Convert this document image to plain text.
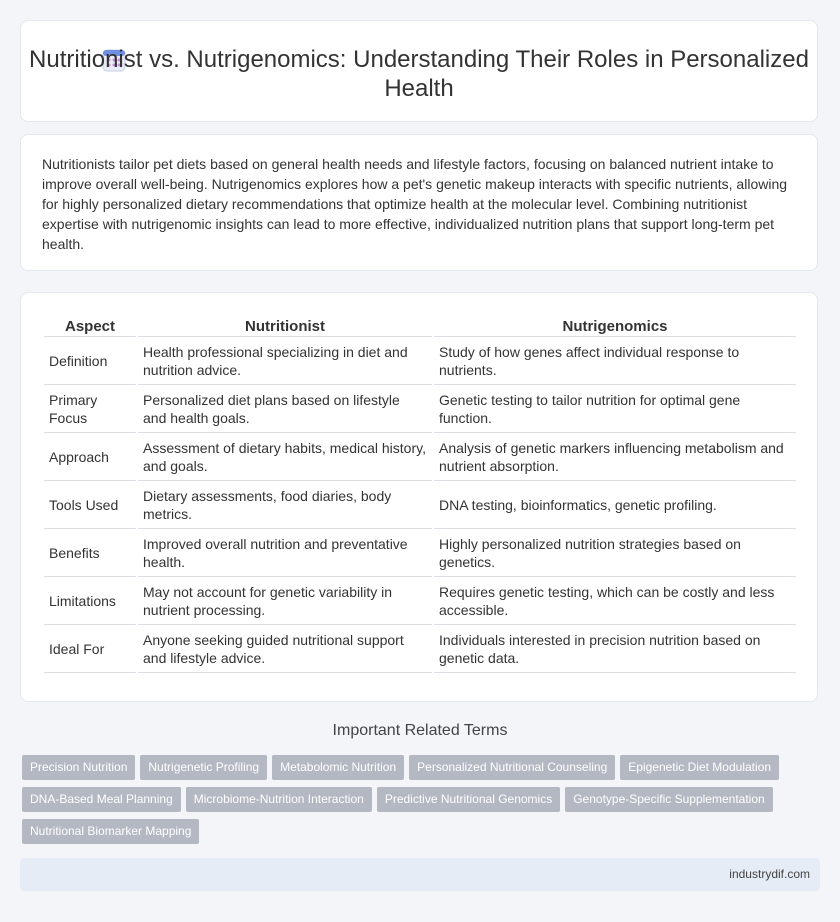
Nutritionist vs. Nutrigenomics: Understanding Their Roles in Personalized Health
Nutritionists tailor pet diets based on general health needs and lifestyle factors, focusing on balanced nutrient intake to improve overall well-being. Nutrigenomics explores how a pet's genetic makeup interacts with specific nutrients, allowing for highly personalized dietary recommendations that optimize health at the molecular level. Combining nutritionist expertise with nutrigenomic insights can lead to more effective, individualized nutrition plans that support long-term pet health.
Aspect	Nutritionist	Nutrigenomics
Definition	Health professional specializing in diet and nutrition advice.	Study of how genes affect individual response to nutrients.
Primary Focus	Personalized diet plans based on lifestyle and health goals.	Genetic testing to tailor nutrition for optimal gene function.
Approach	Assessment of dietary habits, medical history, and goals.	Analysis of genetic markers influencing metabolism and nutrient absorption.
Tools Used	Dietary assessments, food diaries, body metrics.	DNA testing, bioinformatics, genetic profiling.
Benefits	Improved overall nutrition and preventative health.	Highly personalized nutrition strategies based on genetics.
Limitations	May not account for genetic variability in nutrient processing.	Requires genetic testing, which can be costly and less accessible.
Ideal For	Anyone seeking guided nutritional support and lifestyle advice.	Individuals interested in precision nutrition based on genetic data.
Important Related Terms
Precision Nutrition Nutrigenetic Profiling Metabolomic Nutrition Personalized Nutritional Counseling Epigenetic Diet ModulationDNA-Based Meal Planning Microbiome-Nutrition Interaction Predictive Nutritional Genomics Genotype-Specific SupplementationNutritional Biomarker Mapping
industrydif.com
